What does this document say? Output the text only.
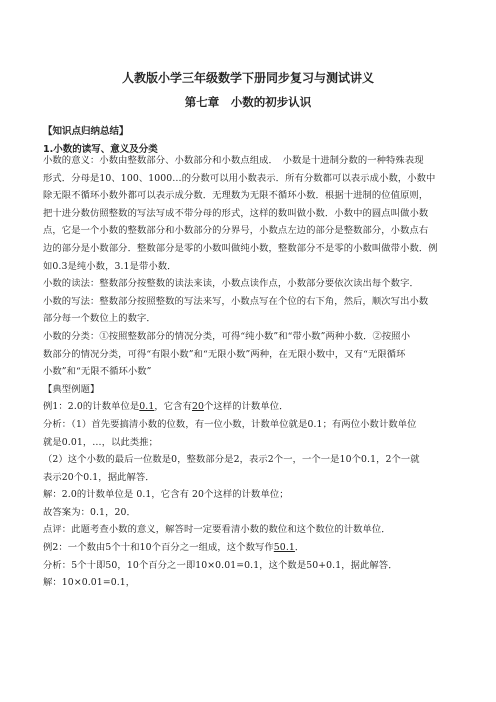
人教版小学三年级数学下册同步复习与测试讲义
第七章　小数的初步认识
【知识点归纳总结】
1.小数的读写、意义及分类
小数的意义：小数由整数部分、小数部分和小数点组成．　小数是十进制分数的一种特殊表现
形式．分母是10、100、1000…的分数可以用小数表示．所有分数都可以表示成小数，小数中
除无限不循环小数外都可以表示成分数．无理数为无限不循环小数．根据十进制的位值原则，
把十进分数仿照整数的写法写成不带分母的形式，这样的数叫做小数．小数中的圆点叫做小数
点，它是一个小数的整数部分和小数部分的分界号，小数点左边的部分是整数部分，小数点右
边的部分是小数部分．整数部分是零的小数叫做纯小数，整数部分不是零的小数叫做带小数．例
如0.3是纯小数，3.1是带小数．
小数的读法：整数部分按整数的读法来读，小数点读作点，小数部分要依次读出每个数字．
小数的写法：整数部分按照整数的写法来写，小数点写在个位的右下角，然后，顺次写出小数
部分每一个数位上的数字．
小数的分类：①按照整数部分的情况分类，可得“纯小数”和“带小数”两种小数．②按照小
数部分的情况分类，可得“有限小数”和“无限小数”两种，在无限小数中，又有“无限循环
小数”和“无限不循环小数”
【典型例题】
例1：2.0的计数单位是0.1，它含有20个这样的计数单位．
分析：（1）首先要搞清小数的位数，有一位小数，计数单位就是0.1；有两位小数计数单位
就是0.01，…，以此类推；
（2）这个小数的最后一位数是0，整数部分是2，表示2个一，一个一是10个0.1，2个一就
表示20个0.1，据此解答．
解：2.0的计数单位是 0.1，它含有 20个这样的计数单位；
故答案为：0.1，20．
点评：此题考查小数的意义，解答时一定要看清小数的数位和这个数位的计数单位．
例2：一个数由5个十和10个百分之一组成，这个数写作50.1．
分析：5个十即50，10个百分之一即10×0.01=0.1，这个数是50+0.1，据此解答．
解：10×0.01=0.1，
